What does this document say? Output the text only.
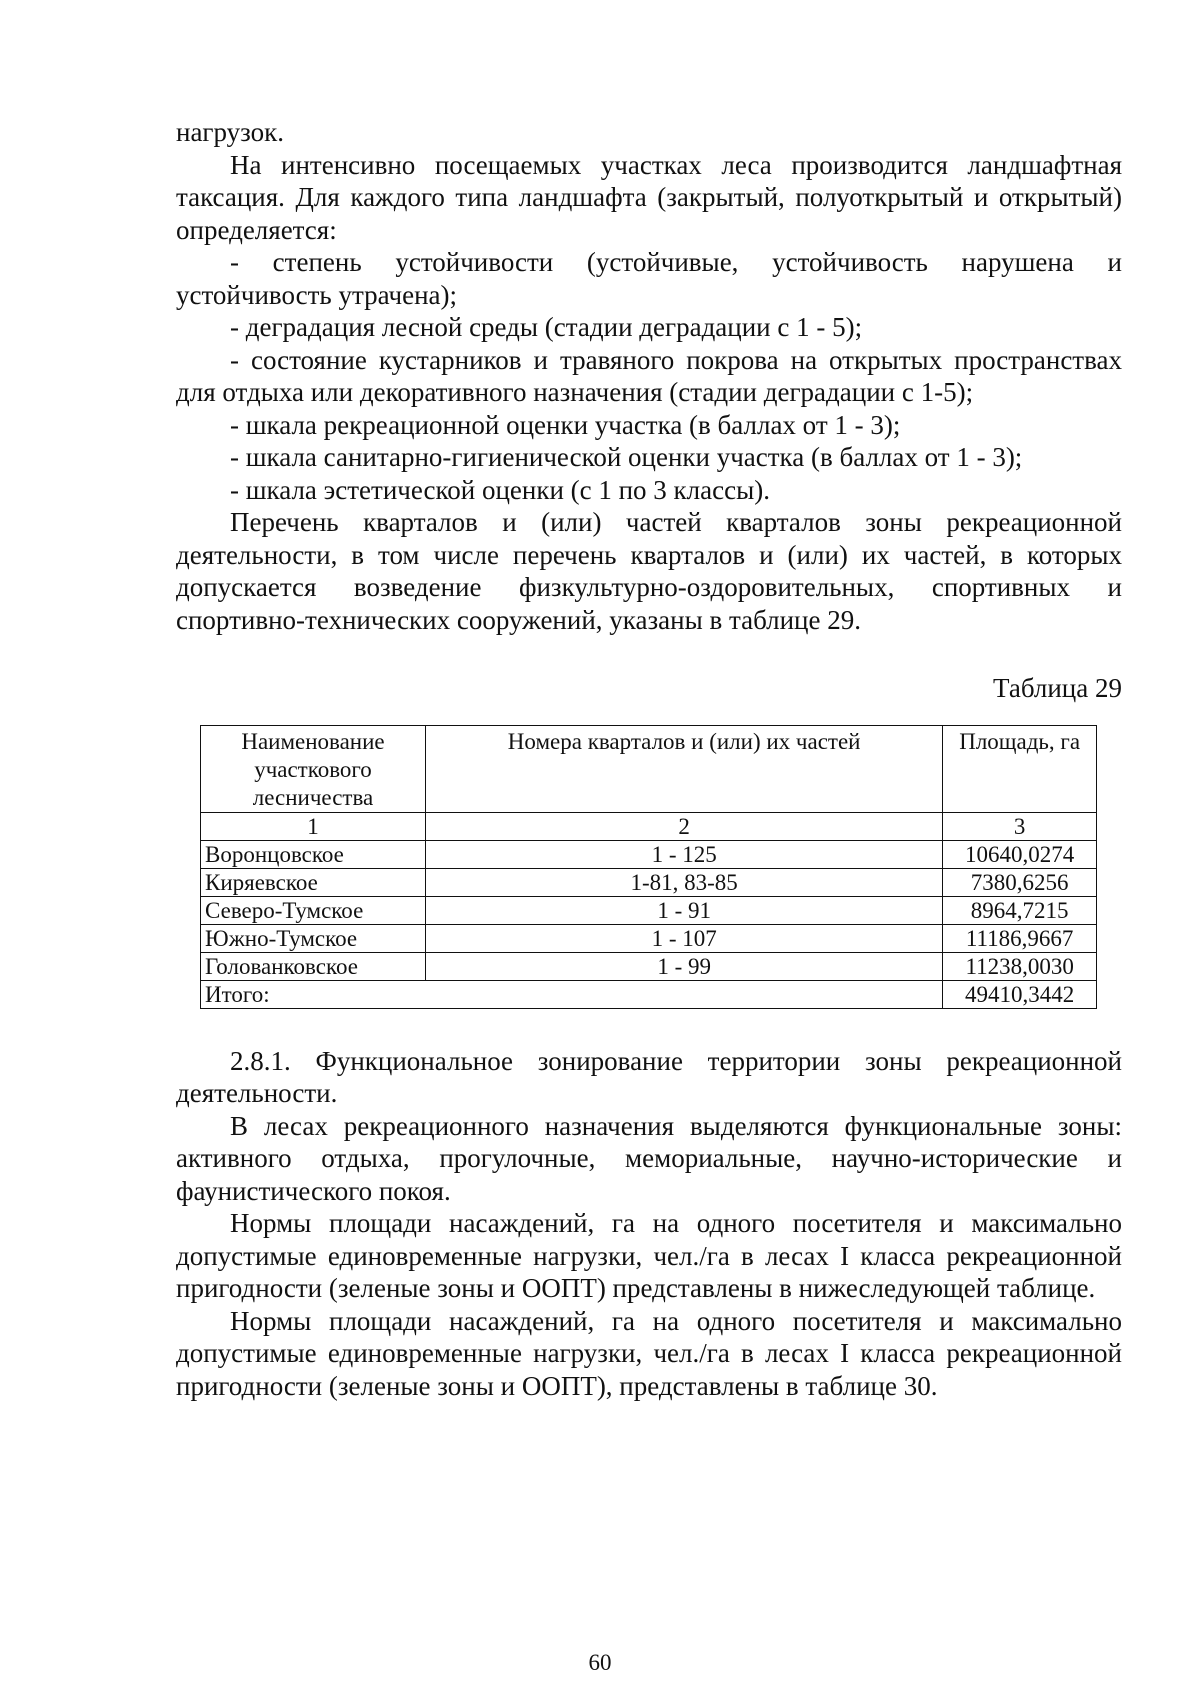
нагрузок.

На интенсивно посещаемых участках леса производится ландшафтная таксация. Для каждого типа ландшафта (закрытый, полуоткрытый и открытый) определяется:

- степень устойчивости (устойчивые, устойчивость нарушена и устойчивость утрачена);

- деградация лесной среды (стадии деградации с 1 - 5);

- состояние кустарников и травяного покрова на открытых пространствах для отдыха или декоративного назначения (стадии деградации с 1-5);

- шкала рекреационной оценки участка (в баллах от 1 - 3);

- шкала санитарно-гигиенической оценки участка (в баллах от 1 - 3);

- шкала эстетической оценки (с 1 по 3 классы).

Перечень кварталов и (или) частей кварталов зоны рекреационной деятельности, в том числе перечень кварталов и (или) их частей, в которых допускается возведение физкультурно-оздоровительных, спортивных и спортивно-технических сооружений, указаны в таблице 29.

Таблица 29

Наименование участкового лесничества	Номера кварталов и (или) их частей	Площадь, га
1	2	3
Воронцовское	1 - 125	10640,0274
Киряевское	1-81, 83-85	7380,6256
Северо-Тумское	1 - 91	8964,7215
Южно-Тумское	1 - 107	11186,9667
Голованковское	1 - 99	11238,0030
Итого:		49410,3442

2.8.1. Функциональное зонирование территории зоны рекреационной деятельности.

В лесах рекреационного назначения выделяются функциональные зоны: активного отдыха, прогулочные, мемориальные, научно-исторические и фаунистического покоя.

Нормы площади насаждений, га на одного посетителя и максимально допустимые единовременные нагрузки, чел./га в лесах I класса рекреационной пригодности (зеленые зоны и ООПТ) представлены в нижеследующей таблице.

Нормы площади насаждений, га на одного посетителя и максимально допустимые единовременные нагрузки, чел./га в лесах I класса рекреационной пригодности (зеленые зоны и ООПТ), представлены в таблице 30.

60
